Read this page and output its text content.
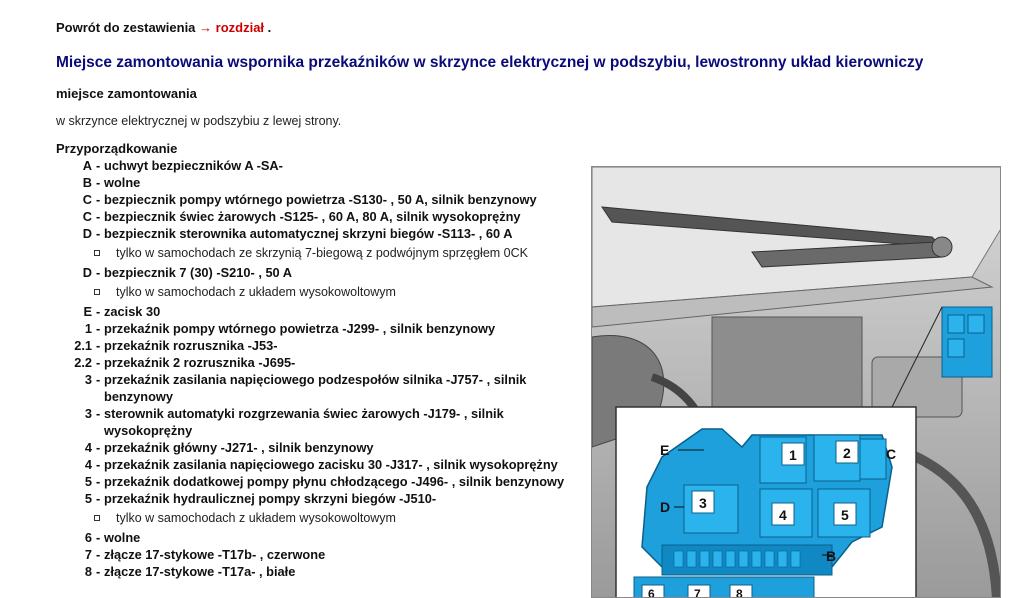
Powrót do zestawienia → rozdział .
Miejsce zamontowania wspornika przekaźników w skrzynce elektrycznej w podszybiu, lewostronny układ kierowniczy
miejsce zamontowania
w skrzynce elektrycznej w podszybiu z lewej strony.
Przyporządkowanie
A - uchwyt bezpieczników A -SA-
B - wolne
C - bezpiecznik pompy wtórnego powietrza -S130- , 50 A, silnik benzynowy
C - bezpiecznik świec żarowych -S125- , 60 A, 80 A, silnik wysokoprężny
D - bezpiecznik sterownika automatycznej skrzyni biegów -S113- , 60 A
tylko w samochodach ze skrzynią 7-biegową z podwójnym sprzęgłem 0CK
D - bezpiecznik 7 (30) -S210- , 50 A
tylko w samochodach z układem wysokowoltowym
E - zacisk 30
1 - przekaźnik pompy wtórnego powietrza -J299- , silnik benzynowy
2.1 - przekaźnik rozrusznika -J53-
2.2 - przekaźnik 2 rozrusznika -J695-
3 - przekaźnik zasilania napięciowego podzespołów silnika -J757- , silnik benzynowy
3 - sterownik automatyki rozgrzewania świec żarowych -J179- , silnik wysokoprężny
4 - przekaźnik główny -J271- , silnik benzynowy
4 - przekaźnik zasilania napięciowego zacisku 30 -J317- , silnik wysokoprężny
5 - przekaźnik dodatkowej pompy płynu chłodzącego -J496- , silnik benzynowy
5 - przekaźnik hydraulicznej pompy skrzyni biegów -J510-
tylko w samochodach z układem wysokowoltowym
6 - wolne
7 - złącze 17-stykowe -T17b- , czerwone
8 - złącze 17-stykowe -T17a- , białe
E	C
D
B
1	2
3
4	5
6	7	8
